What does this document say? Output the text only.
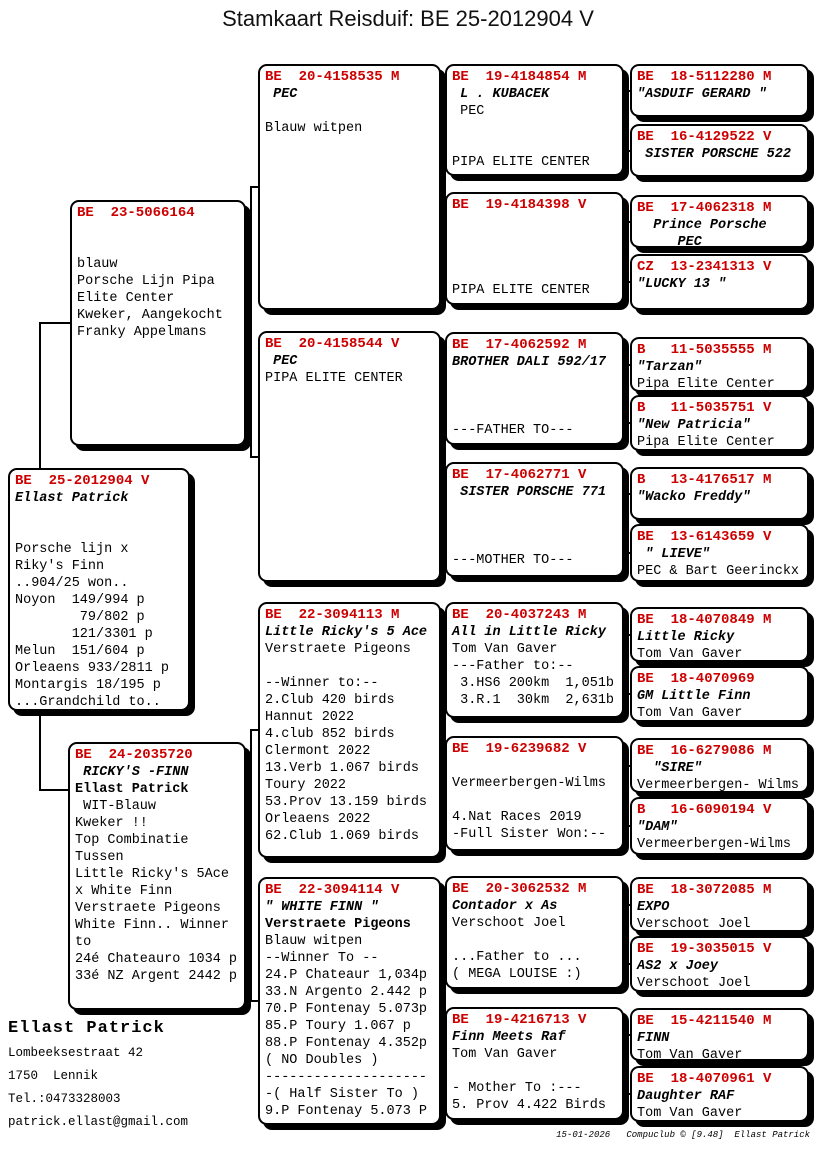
Stamkaart Reisduif: BE 25-2012904 V
BE  25-2012904 V
Ellast Patrick
Porsche lijn x
Riky's Finn
..904/25 won..
Noyon  149/994 p
79/802 p
121/3301 p
Melun  151/604 p
Orleaens 933/2811 p
Montargis 18/195 p
...Grandchild to..
BE  23-5066164
blauw
Porsche Lijn Pipa
Elite Center
Kweker, Aangekocht
Franky Appelmans
BE  24-2035720
RICKY'S -FINN
Ellast Patrick
WIT-Blauw
Kweker !!
Top Combinatie
Tussen
Little Ricky's 5Ace
x White Finn
Verstraete Pigeons
White Finn.. Winner
to
24é Chateauro 1034 p
33é NZ Argent 2442 p
BE  20-4158535 M
PEC
Blauw witpen
BE  20-4158544 V
PEC
PIPA ELITE CENTER
BE  22-3094113 M
Little Ricky's 5 Ace
Verstraete Pigeons
--Winner to:--
2.Club 420 birds
Hannut 2022
4.club 852 birds
Clermont 2022
13.Verb 1.067 birds
Toury 2022
53.Prov 13.159 birds
Orleaens 2022
62.Club 1.069 birds
BE  22-3094114 V
" WHITE FINN "
Verstraete Pigeons
Blauw witpen
--Winner To --
24.P Chateaur 1,034p
33.N Argento 2.442 p
70.P Fontenay 5.073p
85.P Toury 1.067 p
88.P Fontenay 4.352p
( NO Doubles )
--------------------
-( Half Sister To )
9.P Fontenay 5.073 P
BE  19-4184854 M
L . KUBACEK
PEC
PIPA ELITE CENTER
BE  19-4184398 V
PIPA ELITE CENTER
BE  17-4062592 M
BROTHER DALI 592/17
---FATHER TO---
BE  17-4062771 V
SISTER PORSCHE 771
---MOTHER TO---
BE  20-4037243 M
All in Little Ricky
Tom Van Gaver
---Father to:--
3.HS6 200km  1,051b
3.R.1  30km  2,631b
BE  19-6239682 V
Vermeerbergen-Wilms
4.Nat Races 2019
-Full Sister Won:--
BE  20-3062532 M
Contador x As
Verschoot Joel
...Father to ...
( MEGA LOUISE :)
BE  19-4216713 V
Finn Meets Raf
Tom Van Gaver
- Mother To :---
5. Prov 4.422 Birds
BE  18-5112280 M
"ASDUIF GERARD "
BE  16-4129522 V
SISTER PORSCHE 522
BE  17-4062318 M
Prince Porsche
PEC
CZ  13-2341313 V
"LUCKY 13 "
B   11-5035555 M
"Tarzan"
Pipa Elite Center
B   11-5035751 V
"New Patricia"
Pipa Elite Center
B   13-4176517 M
"Wacko Freddy"
BE  13-6143659 V
" LIEVE"
PEC & Bart Geerinckx
BE  18-4070849 M
Little Ricky
Tom Van Gaver
BE  18-4070969
GM Little Finn
Tom Van Gaver
BE  16-6279086 M
"SIRE"
Vermeerbergen- Wilms
B   16-6090194 V
"DAM"
Vermeerbergen-Wilms
BE  18-3072085 M
EXPO
Verschoot Joel
BE  19-3035015 V
AS2 x Joey
Verschoot Joel
BE  15-4211540 M
FINN
Tom Van Gaver
BE  18-4070961 V
Daughter RAF
Tom Van Gaver
Ellast Patrick
Lombeeksestraat 42
1750  Lennik
Tel.:0473328003
patrick.ellast@gmail.com
15-01-2026   Compuclub © [9.48]  Ellast Patrick
